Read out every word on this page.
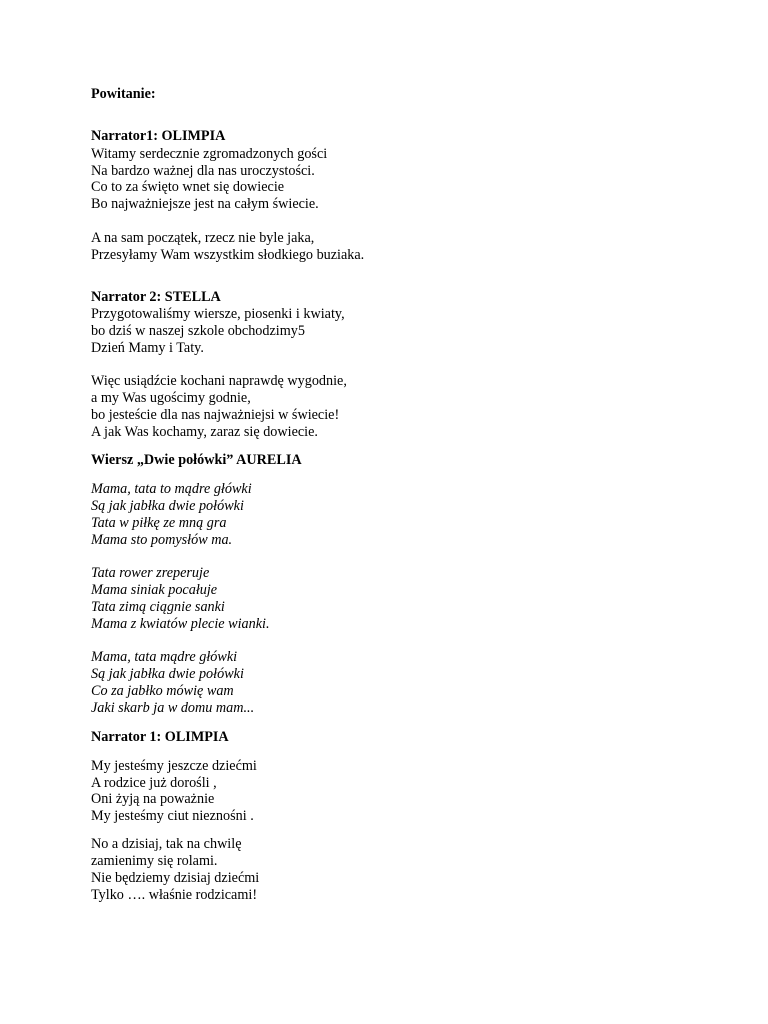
Powitanie:

Narrator1: OLIMPIA

Witamy serdecznie zgromadzonych gości

Na bardzo ważnej dla nas uroczystości.

Co to za święto wnet się dowiecie

Bo najważniejsze jest na całym świecie.

A na sam początek, rzecz nie byle jaka,

Przesyłamy Wam wszystkim słodkiego buziaka.

Narrator 2: STELLA

Przygotowaliśmy wiersze, piosenki i kwiaty,

bo dziś w naszej szkole obchodzimy5

Dzień Mamy i Taty.

Więc usiądźcie kochani naprawdę wygodnie,

a my Was ugościmy godnie,

bo jesteście dla nas najważniejsi w świecie!

A jak Was kochamy, zaraz się dowiecie.

Wiersz „Dwie połówki” AURELIA

Mama, tata to mądre główki

Są jak jabłka dwie połówki

Tata w piłkę ze mną gra

Mama sto pomysłów ma.

Tata rower zreperuje

Mama siniak pocałuje

Tata zimą ciągnie sanki

Mama z kwiatów plecie wianki.

Mama, tata mądre główki

Są jak jabłka dwie połówki

Co za jabłko mówię wam

Jaki skarb ja w domu mam...

Narrator 1: OLIMPIA

My jesteśmy jeszcze dziećmi

A rodzice już dorośli ,

Oni żyją na poważnie

My jesteśmy ciut nieznośni .

No a dzisiaj, tak na chwilę

zamienimy się rolami.

Nie będziemy dzisiaj dziećmi

Tylko …. właśnie rodzicami!
